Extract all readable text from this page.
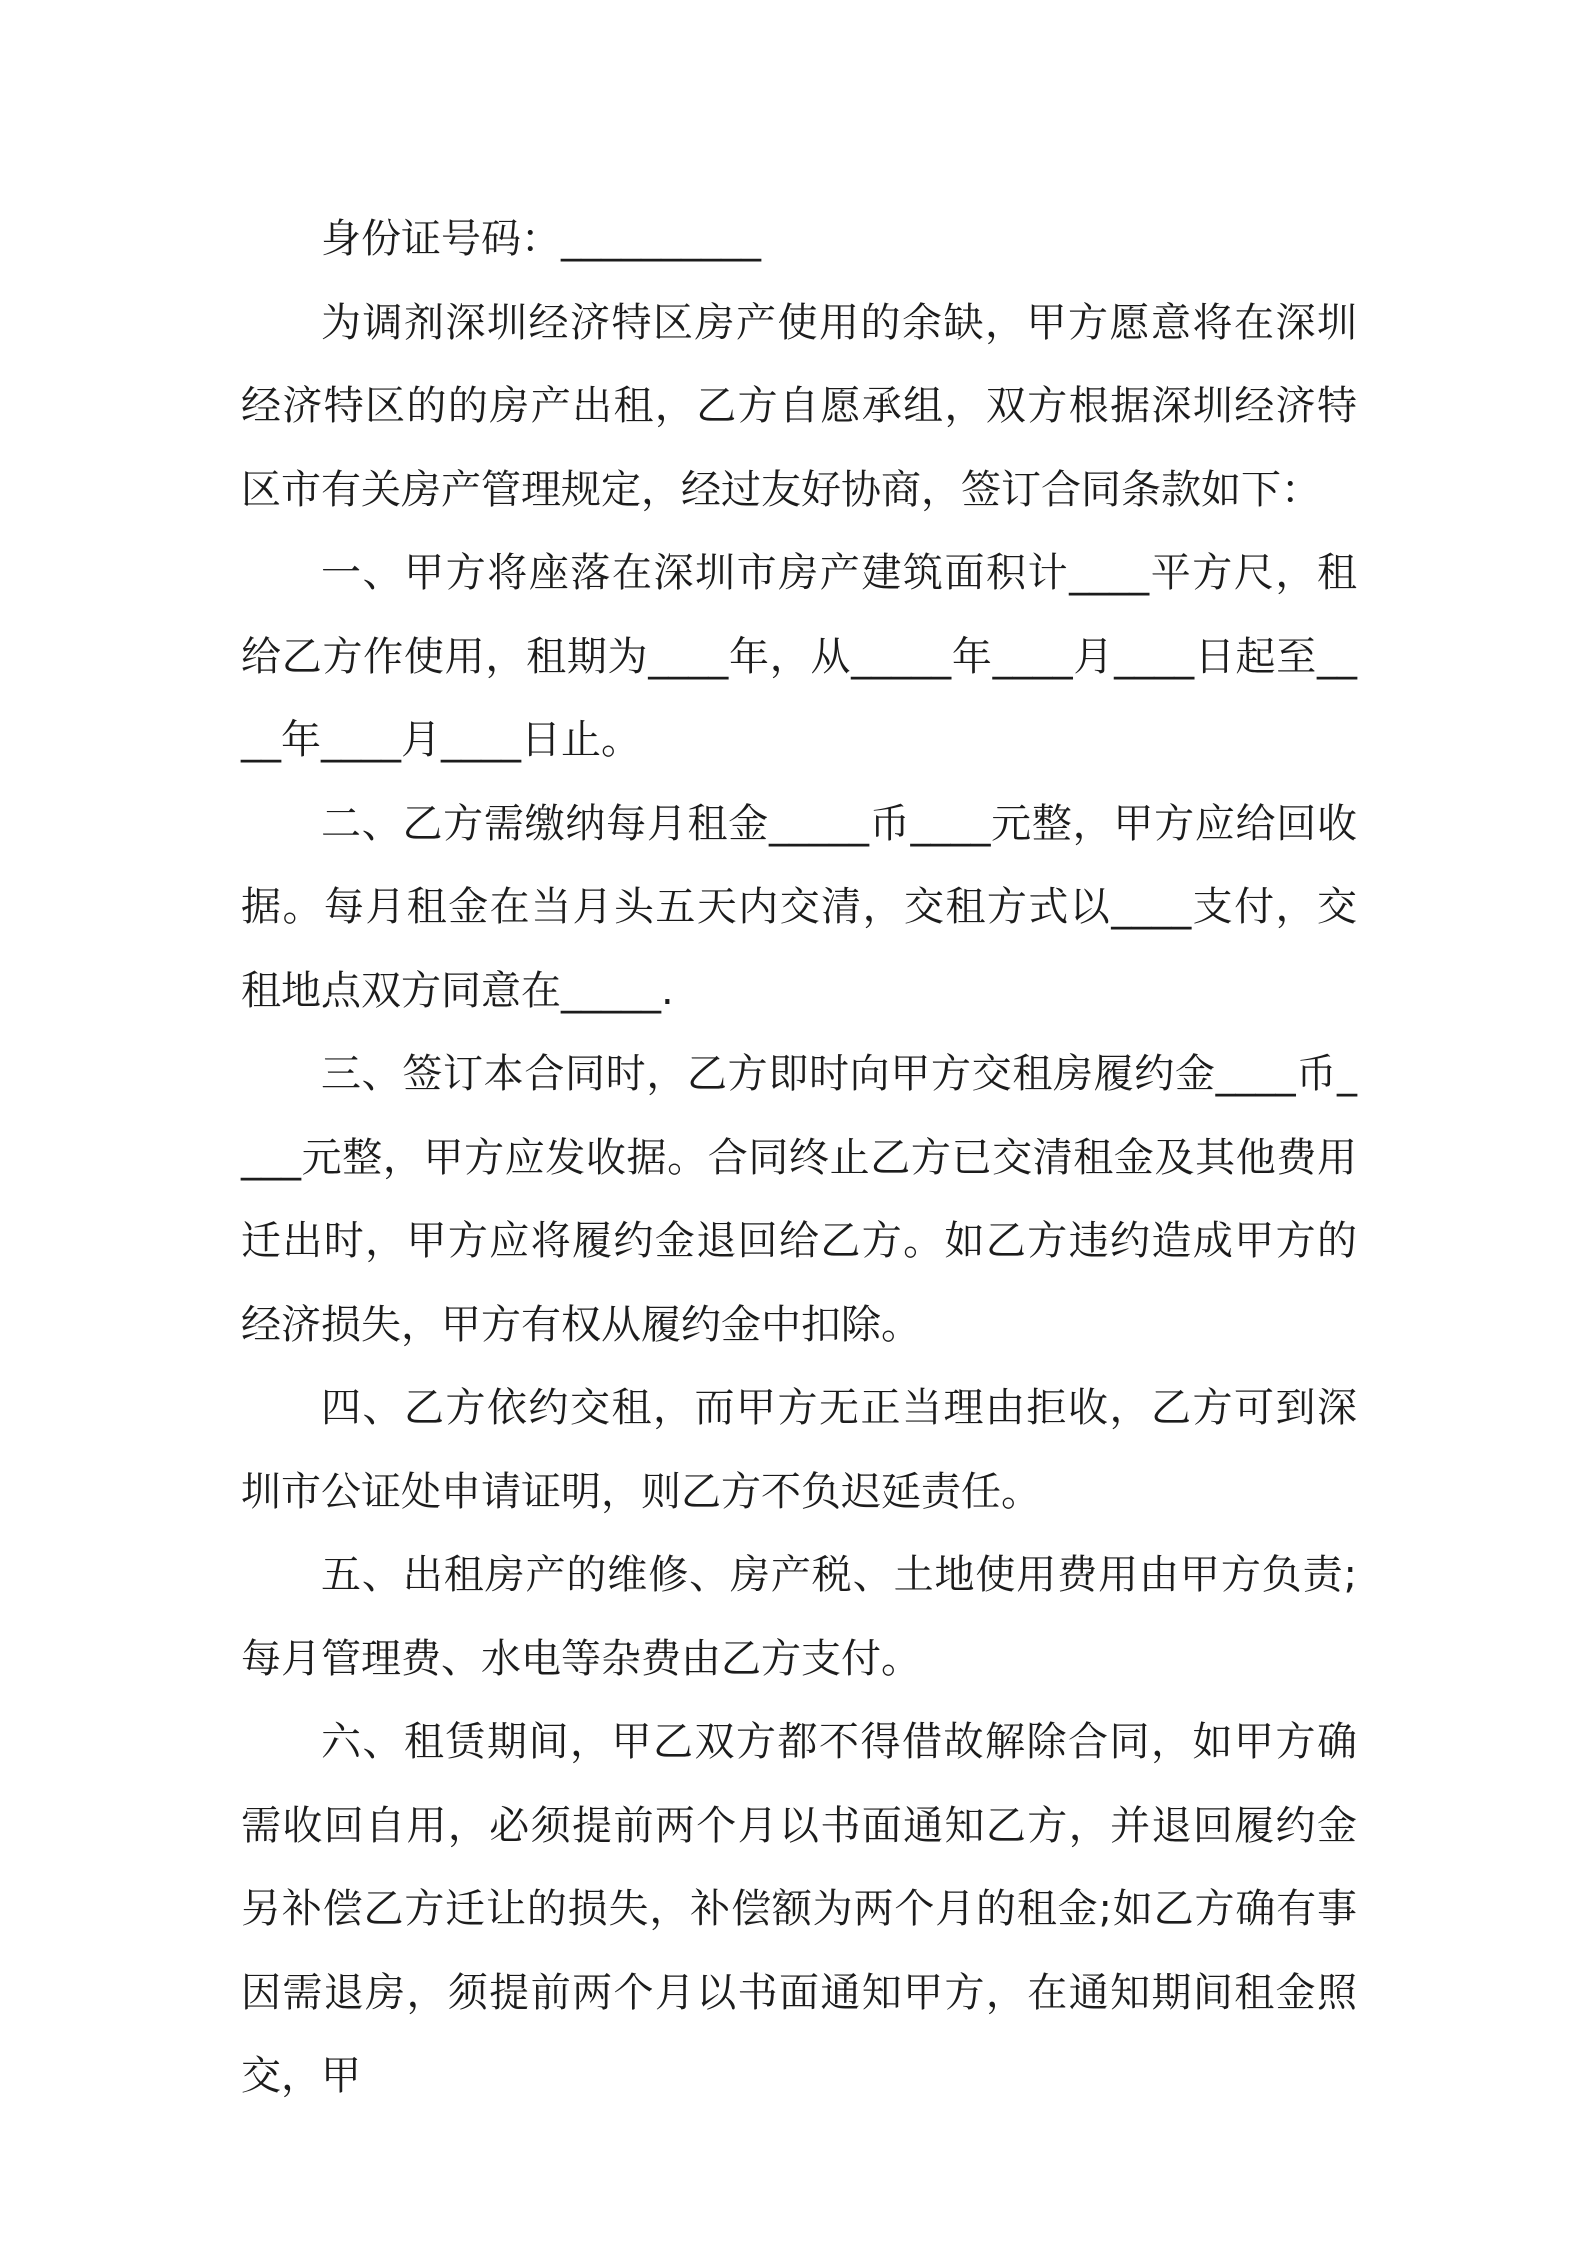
身份证号码：__________

为调剂深圳经济特区房产使用的余缺，甲方愿意将在深圳经济特区的的房产出租，乙方自愿承组，双方根据深圳经济特区市有关房产管理规定，经过友好协商，签订合同条款如下：

一、甲方将座落在深圳市房产建筑面积计____平方尺，租给乙方作使用，租期为____年，从_____年____月____日起至____年____月____日止。

二、乙方需缴纳每月租金_____币____元整，甲方应给回收据。每月租金在当月头五天内交清，交租方式以____支付，交租地点双方同意在_____.

三、签订本合同时，乙方即时向甲方交租房履约金____币____元整，甲方应发收据。合同终止乙方已交清租金及其他费用迁出时，甲方应将履约金退回给乙方。如乙方违约造成甲方的经济损失，甲方有权从履约金中扣除。

四、乙方依约交租，而甲方无正当理由拒收，乙方可到深圳市公证处申请证明，则乙方不负迟延责任。

五、出租房产的维修、房产税、土地使用费用由甲方负责;每月管理费、水电等杂费由乙方支付。

六、租赁期间，甲乙双方都不得借故解除合同，如甲方确需收回自用，必须提前两个月以书面通知乙方，并退回履约金另补偿乙方迁让的损失，补偿额为两个月的租金;如乙方确有事因需退房，须提前两个月以书面通知甲方，在通知期间租金照交，甲
